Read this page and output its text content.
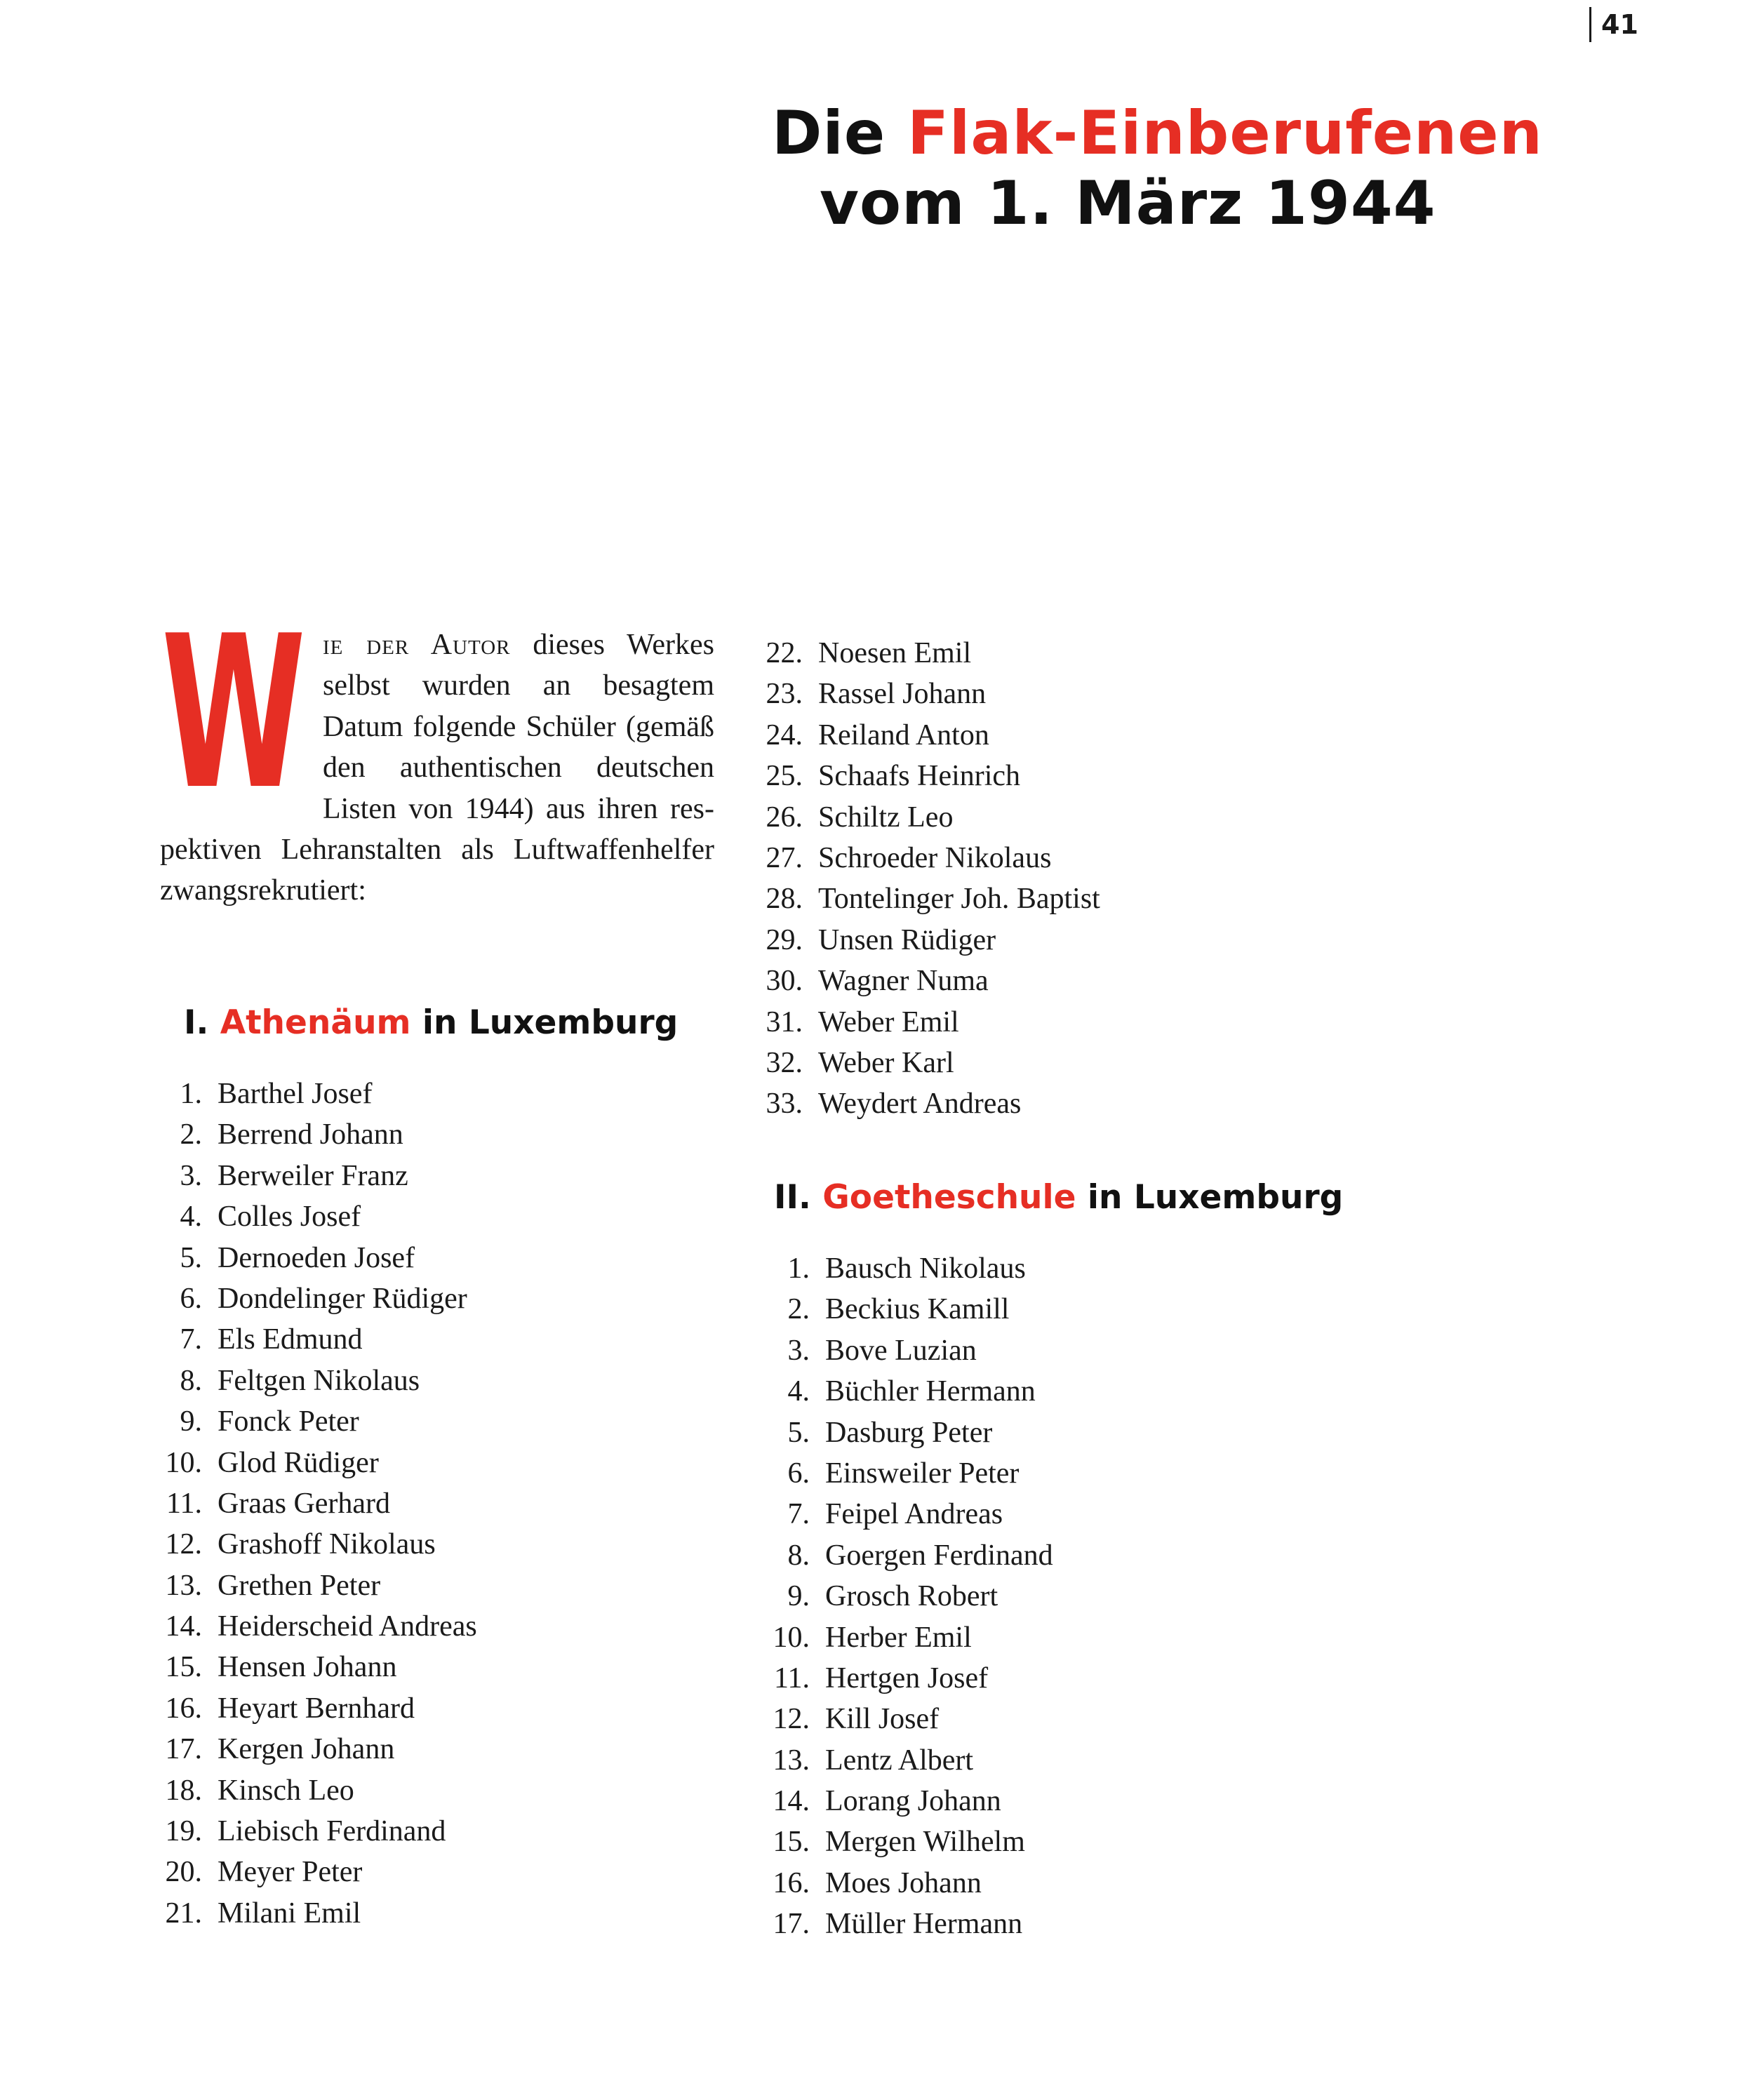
41
Die Flak-Einberufenen
vom 1. März 1944
W ie der Autor dieses Werkes selbst wurden an besagtem Datum folgende Schüler (gemäß den authentischen deutschen Listen von 1944) aus ihren respektiven Lehranstalten als Luftwaffenhelfer zwangsrekrutiert:
I. Athenäum in Luxemburg
1. Barthel Josef
2. Berrend Johann
3. Berweiler Franz
4. Colles Josef
5. Dernoeden Josef
6. Dondelinger Rüdiger
7. Els Edmund
8. Feltgen Nikolaus
9. Fonck Peter
10. Glod Rüdiger
11. Graas Gerhard
12. Grashoff Nikolaus
13. Grethen Peter
14. Heiderscheid Andreas
15. Hensen Johann
16. Heyart Bernhard
17. Kergen Johann
18. Kinsch Leo
19. Liebisch Ferdinand
20. Meyer Peter
21. Milani Emil
22. Noesen Emil
23. Rassel Johann
24. Reiland Anton
25. Schaafs Heinrich
26. Schiltz Leo
27. Schroeder Nikolaus
28. Tontelinger Joh. Baptist
29. Unsen Rüdiger
30. Wagner Numa
31. Weber Emil
32. Weber Karl
33. Weydert Andreas
II. Goetheschule in Luxemburg
1. Bausch Nikolaus
2. Beckius Kamill
3. Bove Luzian
4. Büchler Hermann
5. Dasburg Peter
6. Einsweiler Peter
7. Feipel Andreas
8. Goergen Ferdinand
9. Grosch Robert
10. Herber Emil
11. Hertgen Josef
12. Kill Josef
13. Lentz Albert
14. Lorang Johann
15. Mergen Wilhelm
16. Moes Johann
17. Müller Hermann
